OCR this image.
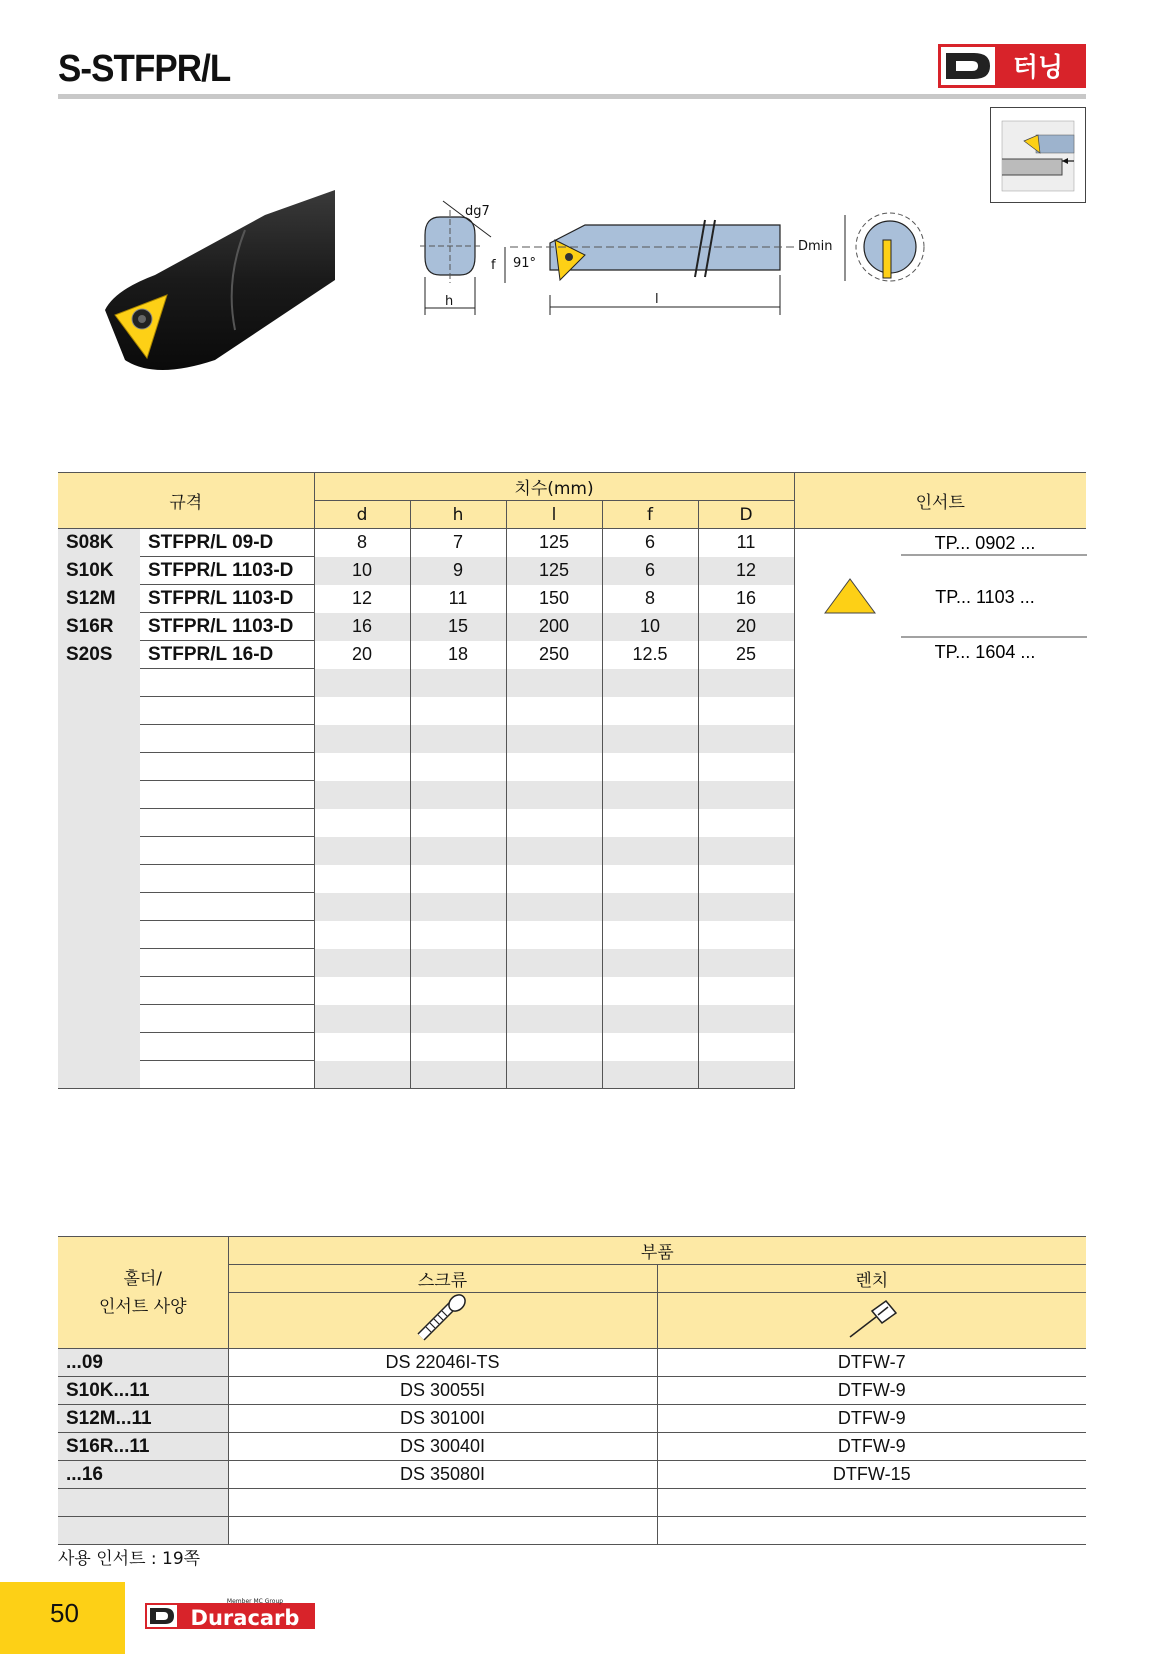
S-STFPR/L	터닝
dg7
h
91°
f
l
Dmin
규격		치수(mm)					인서트
		d	h	l	f	D	
S08K	STFPR/L 09-D	8	7	125	6	11	TP... 0902 ...
TP... 1103 ...
TP... 1604 ...

S10K	STFPR/L 1103-D	10	9	125	6	12	
S12M	STFPR/L 1103-D	12	11	150	8	16	
S16R	STFPR/L 1103-D	16	15	200	10	20	
S20S	STFPR/L 16-D	20	18	250	12.5	25	

홀더/
인서트 사양	부품	
	스크류	렌치

...09	DS 22046I-TS	DTFW-7
S10K...11	DS 30055I	DTFW-9
S12M...11	DS 30100I	DTFW-9
S16R...11	DS 30040I	DTFW-9
...16	DS 35080I	DTFW-15

사용 인서트 : 19쪽
50	Duracarb
Member MC Group
